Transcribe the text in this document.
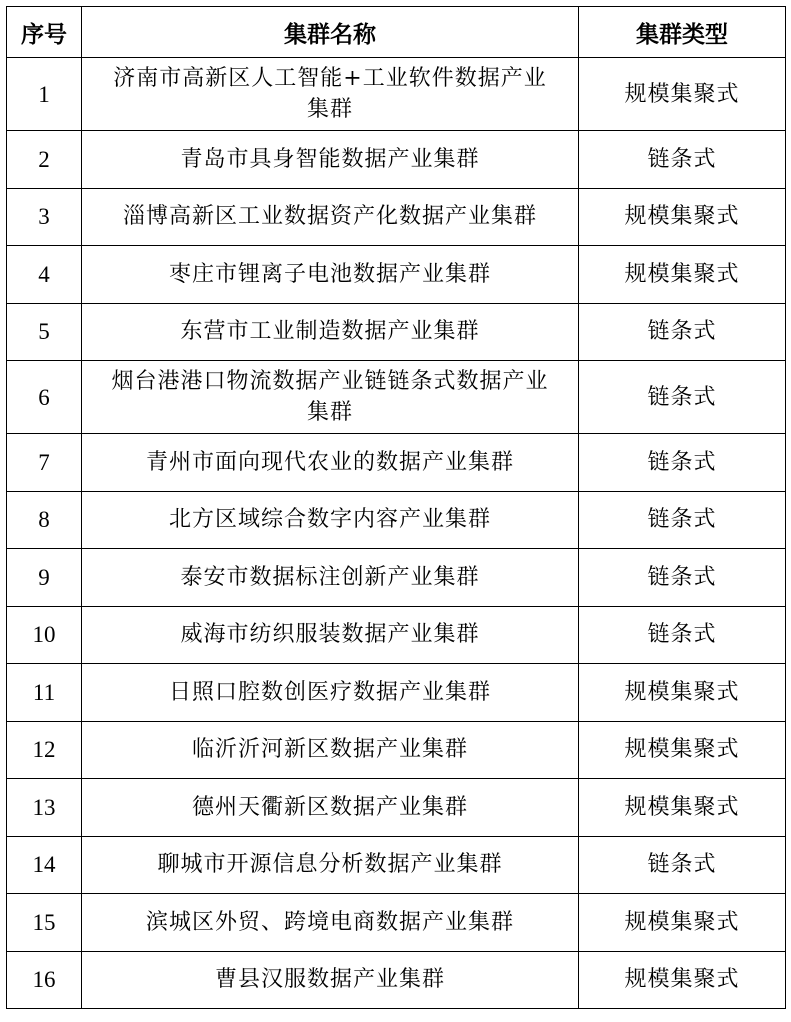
序号	集群名称	集群类型
1	济南市高新区人工智能+工业软件数据产业集群	规模集聚式
2	青岛市具身智能数据产业集群	链条式
3	淄博高新区工业数据资产化数据产业集群	规模集聚式
4	枣庄市锂离子电池数据产业集群	规模集聚式
5	东营市工业制造数据产业集群	链条式
6	烟台港港口物流数据产业链链条式数据产业集群	链条式
7	青州市面向现代农业的数据产业集群	链条式
8	北方区域综合数字内容产业集群	链条式
9	泰安市数据标注创新产业集群	链条式
10	威海市纺织服装数据产业集群	链条式
11	日照口腔数创医疗数据产业集群	规模集聚式
12	临沂沂河新区数据产业集群	规模集聚式
13	德州天衢新区数据产业集群	规模集聚式
14	聊城市开源信息分析数据产业集群	链条式
15	滨城区外贸、跨境电商数据产业集群	规模集聚式
16	曹县汉服数据产业集群	规模集聚式
